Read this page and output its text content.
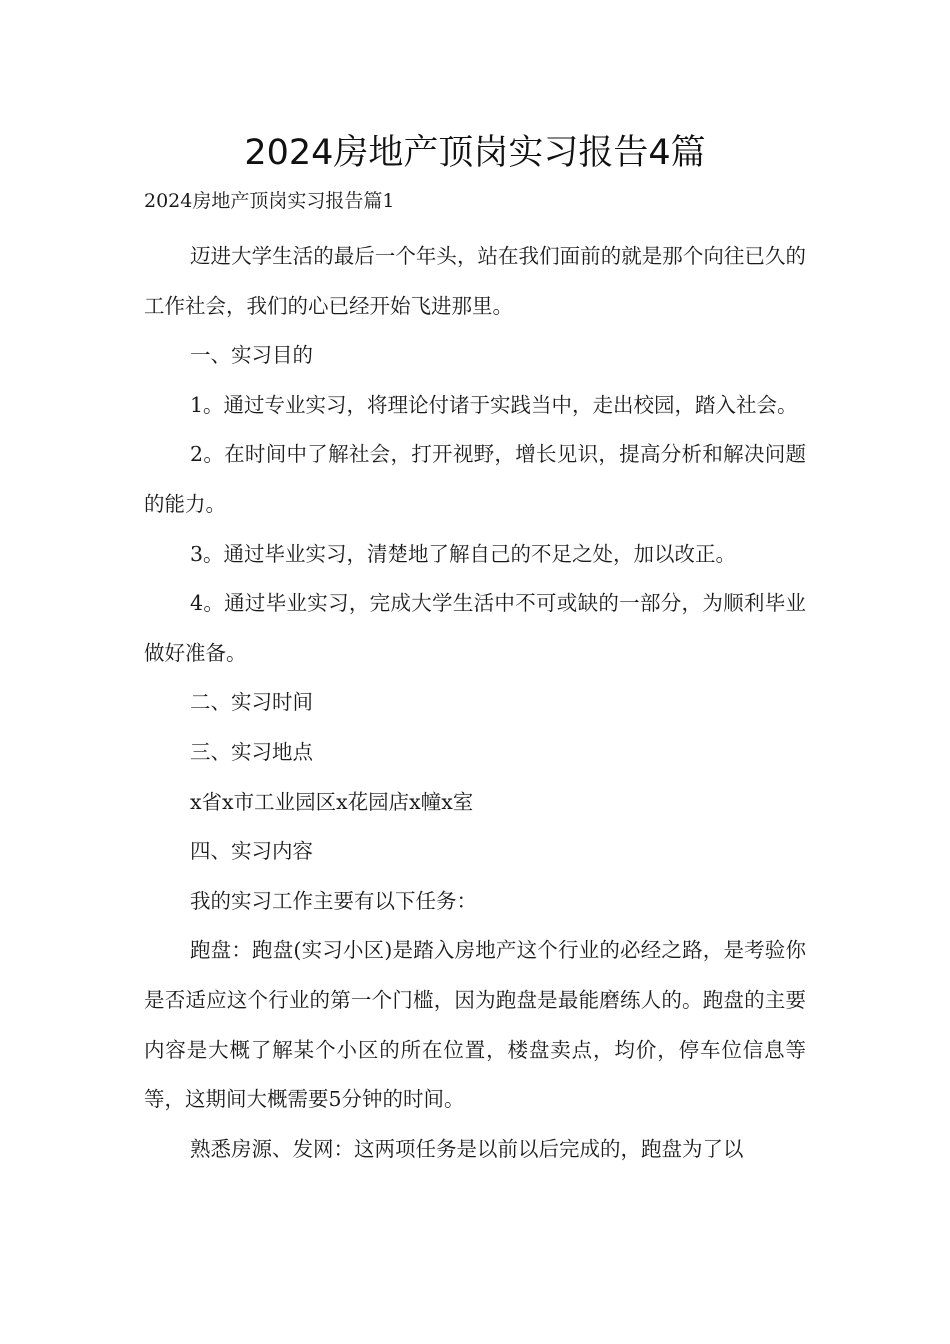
2024房地产顶岗实习报告4篇
2024房地产顶岗实习报告篇1

迈进大学生活的最后一个年头，站在我们面前的就是那个向往已久的工作社会，我们的心已经开始飞进那里。

一、实习目的

1。通过专业实习，将理论付诸于实践当中，走出校园，踏入社会。

2。在时间中了解社会，打开视野，增长见识，提高分析和解决问题的能力。

3。通过毕业实习，清楚地了解自己的不足之处，加以改正。

4。通过毕业实习，完成大学生活中不可或缺的一部分，为顺利毕业做好准备。

二、实习时间

三、实习地点

x省x市工业园区x花园店x幢x室

四、实习内容

我的实习工作主要有以下任务：

跑盘：跑盘(实习小区)是踏入房地产这个行业的必经之路，是考验你是否适应这个行业的第一个门槛，因为跑盘是最能磨练人的。跑盘的主要内容是大概了解某个小区的所在位置，楼盘卖点，均价，停车位信息等等，这期间大概需要5分钟的时间。

熟悉房源、发网：这两项任务是以前以后完成的，跑盘为了以
